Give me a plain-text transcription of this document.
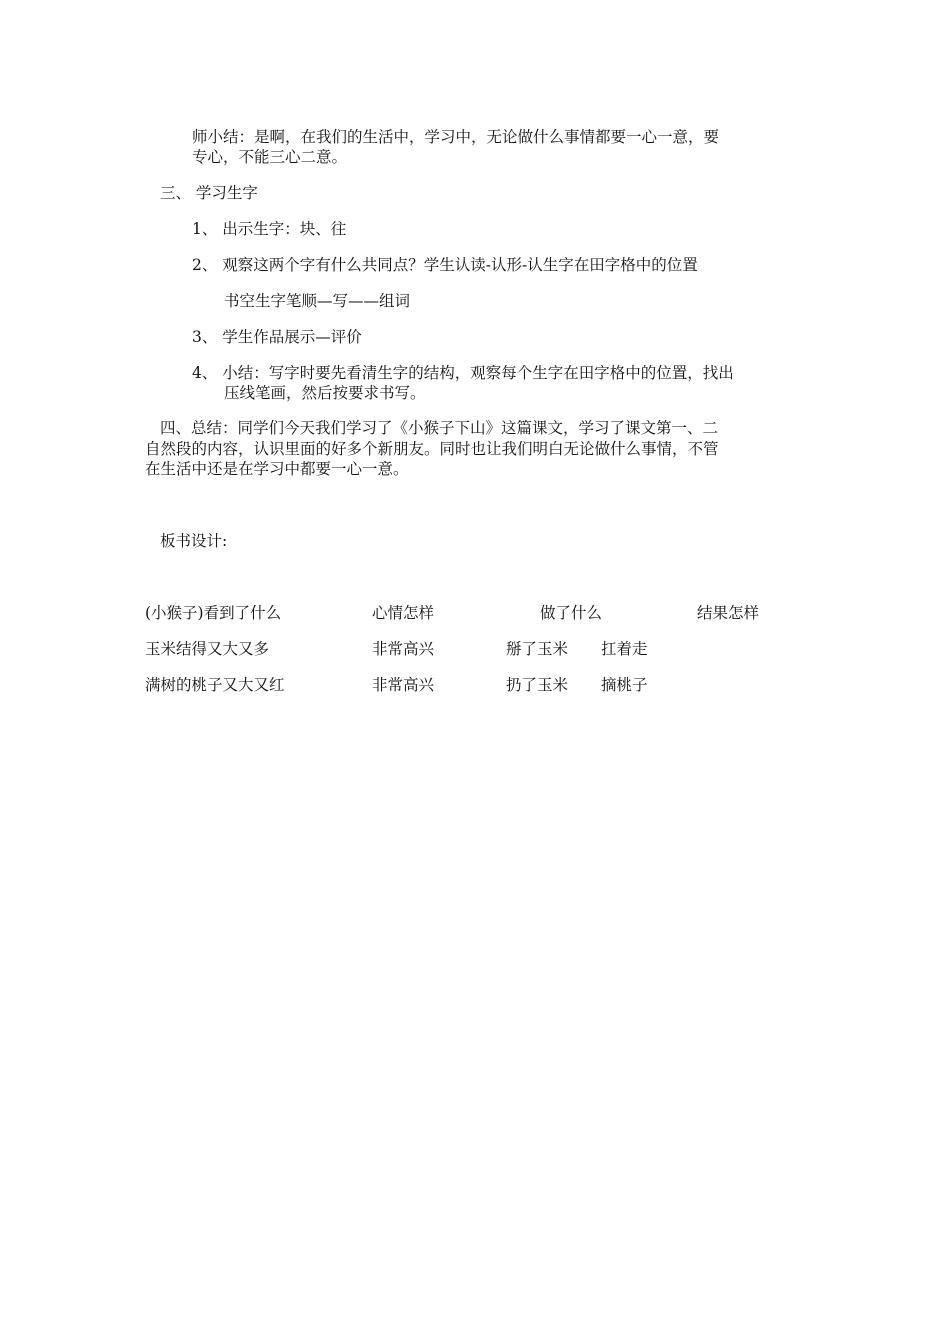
师小结：是啊，在我们的生活中，学习中，无论做什么事情都要一心一意，要
专心，不能三心二意。
三、 学习生字
1、 出示生字：块、往
2、 观察这两个字有什么共同点？学生认读-认形-认生字在田字格中的位置
书空生字笔顺—写——组词
3、 学生作品展示—评价
4、 小结：写字时要先看清生字的结构，观察每个生字在田字格中的位置，找出
压线笔画，然后按要求书写。
四、总结：同学们今天我们学习了《小猴子下山》这篇课文，学习了课文第一、二
自然段的内容，认识里面的好多个新朋友。同时也让我们明白无论做什么事情，不管
在生活中还是在学习中都要一心一意。
板书设计:
(小猴子)看到了什么	心情怎样	做了什么	结果怎样
玉米结得又大又多	非常高兴	掰了玉米 扛着走
满树的桃子又大又红	非常高兴	扔了玉米 摘桃子
